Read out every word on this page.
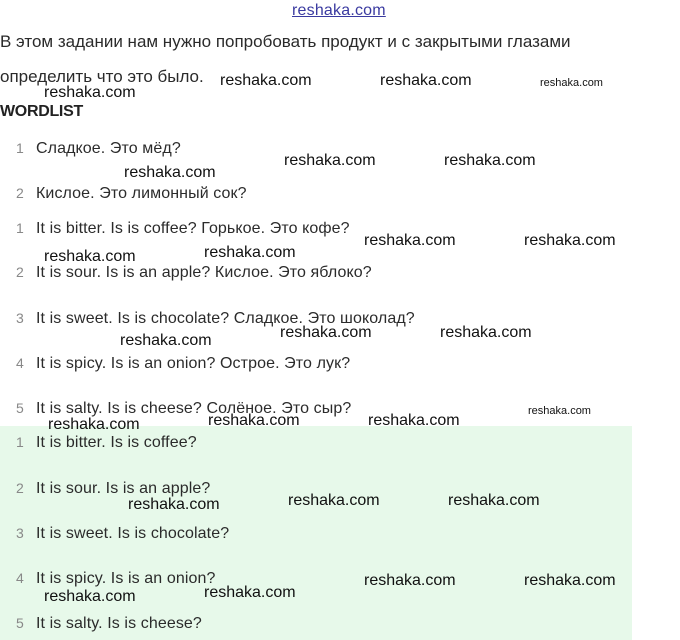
reshaka.com
В этом задании нам нужно попробовать продукт и с закрытыми глазами
определить что это было.
WORDLIST
1 Сладкое. Это мёд?
2 Кислое. Это лимонный сок?
1 It is bitter. Is is coffee? Горькое. Это кофе?
2 It is sour. Is is an apple? Кислое. Это яблоко?
3 It is sweet. Is is chocolate? Сладкое. Это шоколад?
4 It is spicy. Is is an onion? Острое. Это лук?
5 It is salty. Is is cheese? Солёное. Это сыр?
1 It is bitter. Is is coffee?
2 It is sour. Is is an apple?
3 It is sweet. Is is chocolate?
4 It is spicy. Is is an onion?
5 It is salty. Is is cheese?
reshaka.com	reshaka.com	reshaka.com
reshaka.com
reshaka.com	reshaka.com
reshaka.com
reshaka.com	reshaka.com
reshaka.com
reshaka.com
reshaka.com	reshaka.com
reshaka.com
reshaka.com
reshaka.com	reshaka.com
reshaka.com
reshaka.com	reshaka.com
reshaka.com
reshaka.com	reshaka.com
reshaka.com
reshaka.com
